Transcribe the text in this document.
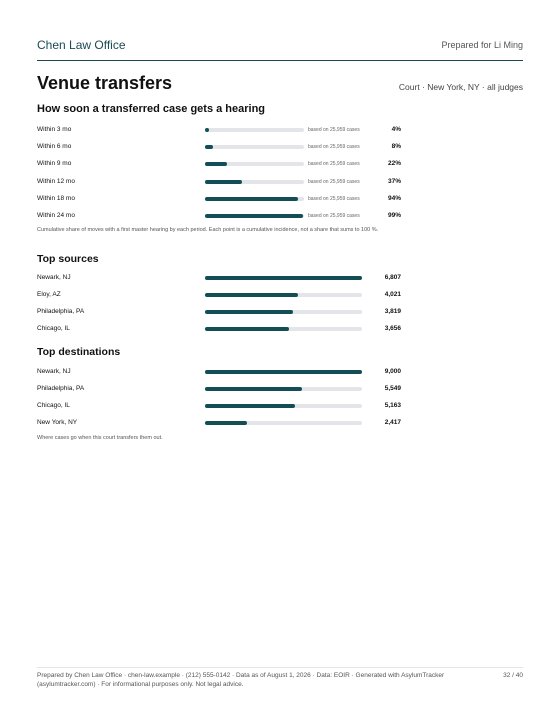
Chen Law Office	Prepared for Li Ming
Venue transfers	Court · New York, NY · all judges
How soon a transferred case gets a hearing
Within 3 mo	based on 25,959 cases	4%
Within 6 mo	based on 25,959 cases	8%
Within 9 mo	based on 25,959 cases	22%
Within 12 mo	based on 25,959 cases	37%
Within 18 mo	based on 25,959 cases	94%
Within 24 mo	based on 25,959 cases	99%
Cumulative share of moves with a first master hearing by each period. Each point is a cumulative incidence, not a share that sums to 100 %.
Top sources
Newark, NJ	6,807
Eloy, AZ	4,021
Philadelphia, PA	3,819
Chicago, IL	3,656
Top destinations
Newark, NJ	9,000
Philadelphia, PA	5,549
Chicago, IL	5,163
New York, NY	2,417
Where cases go when this court transfers them out.
Prepared by Chen Law Office · chen-law.example · (212) 555-0142 · Data as of August 1, 2026 · Data: EOIR · Generated with AsylumTracker (asylumtracker.com) · For informational purposes only. Not legal advice.
32 / 40
